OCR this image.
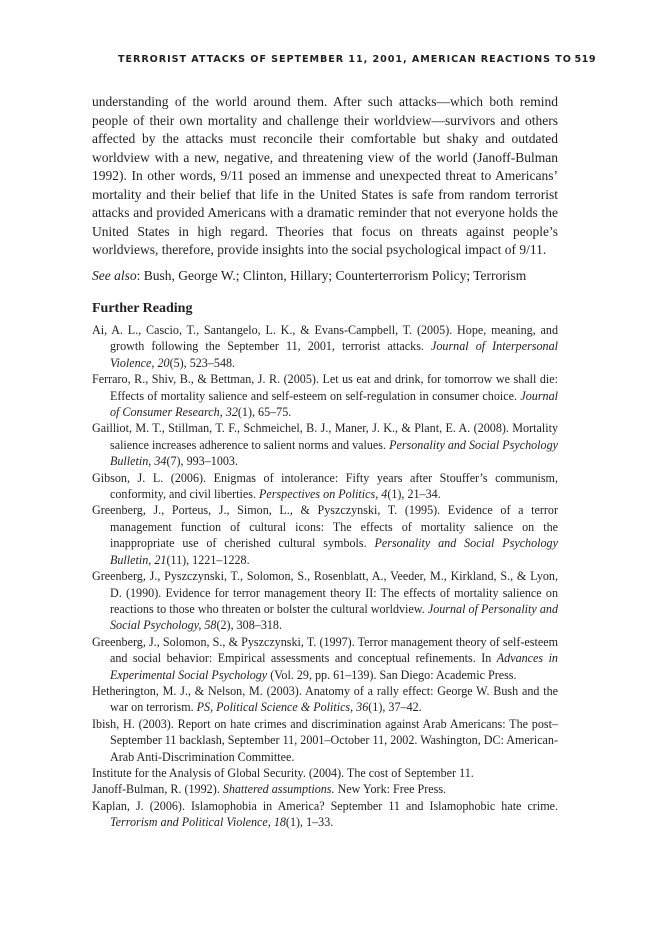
TERRORIST ATTACKS OF SEPTEMBER 11, 2001, AMERICAN REACTIONS TO 519

understanding of the world around them. After such attacks—which both remind people of their own mortality and challenge their worldview—survivors and others affected by the attacks must reconcile their comfortable but shaky and outdated worldview with a new, negative, and threatening view of the world (Janoff-Bulman 1992). In other words, 9/11 posed an immense and unexpected threat to Americans’ mortality and their belief that life in the United States is safe from random terrorist attacks and provided Americans with a dramatic reminder that not everyone holds the United States in high regard. Theories that focus on threats against people’s worldviews, therefore, provide insights into the social psychological impact of 9/11.

See also: Bush, George W.; Clinton, Hillary; Counterterrorism Policy; Terrorism

Further Reading
Ai, A. L., Cascio, T., Santangelo, L. K., & Evans-Campbell, T. (2005). Hope, meaning, and growth following the September 11, 2001, terrorist attacks. Journal of Interpersonal Violence, 20(5), 523–548.
Ferraro, R., Shiv, B., & Bettman, J. R. (2005). Let us eat and drink, for tomorrow we shall die: Effects of mortality salience and self-esteem on self-regulation in consumer choice. Journal of Consumer Research, 32(1), 65–75.
Gailliot, M. T., Stillman, T. F., Schmeichel, B. J., Maner, J. K., & Plant, E. A. (2008). Mortality salience increases adherence to salient norms and values. Personality and Social Psychology Bulletin, 34(7), 993–1003.
Gibson, J. L. (2006). Enigmas of intolerance: Fifty years after Stouffer’s communism, conformity, and civil liberties. Perspectives on Politics, 4(1), 21–34.
Greenberg, J., Porteus, J., Simon, L., & Pyszczynski, T. (1995). Evidence of a terror management function of cultural icons: The effects of mortality salience on the inappropriate use of cherished cultural symbols. Personality and Social Psychology Bulletin, 21(11), 1221–1228.
Greenberg, J., Pyszczynski, T., Solomon, S., Rosenblatt, A., Veeder, M., Kirkland, S., & Lyon, D. (1990). Evidence for terror management theory II: The effects of mortality salience on reactions to those who threaten or bolster the cultural worldview. Journal of Personality and Social Psychology, 58(2), 308–318.
Greenberg, J., Solomon, S., & Pyszczynski, T. (1997). Terror management theory of self-esteem and social behavior: Empirical assessments and conceptual refinements. In Advances in Experimental Social Psychology (Vol. 29, pp. 61–139). San Diego: Academic Press.
Hetherington, M. J., & Nelson, M. (2003). Anatomy of a rally effect: George W. Bush and the war on terrorism. PS, Political Science & Politics, 36(1), 37–42.
Ibish, H. (2003). Report on hate crimes and discrimination against Arab Americans: The post–September 11 backlash, September 11, 2001–October 11, 2002. Washington, DC: American-Arab Anti-Discrimination Committee.
Institute for the Analysis of Global Security. (2004). The cost of September 11.
Janoff-Bulman, R. (1992). Shattered assumptions. New York: Free Press.
Kaplan, J. (2006). Islamophobia in America? September 11 and Islamophobic hate crime. Terrorism and Political Violence, 18(1), 1–33.
